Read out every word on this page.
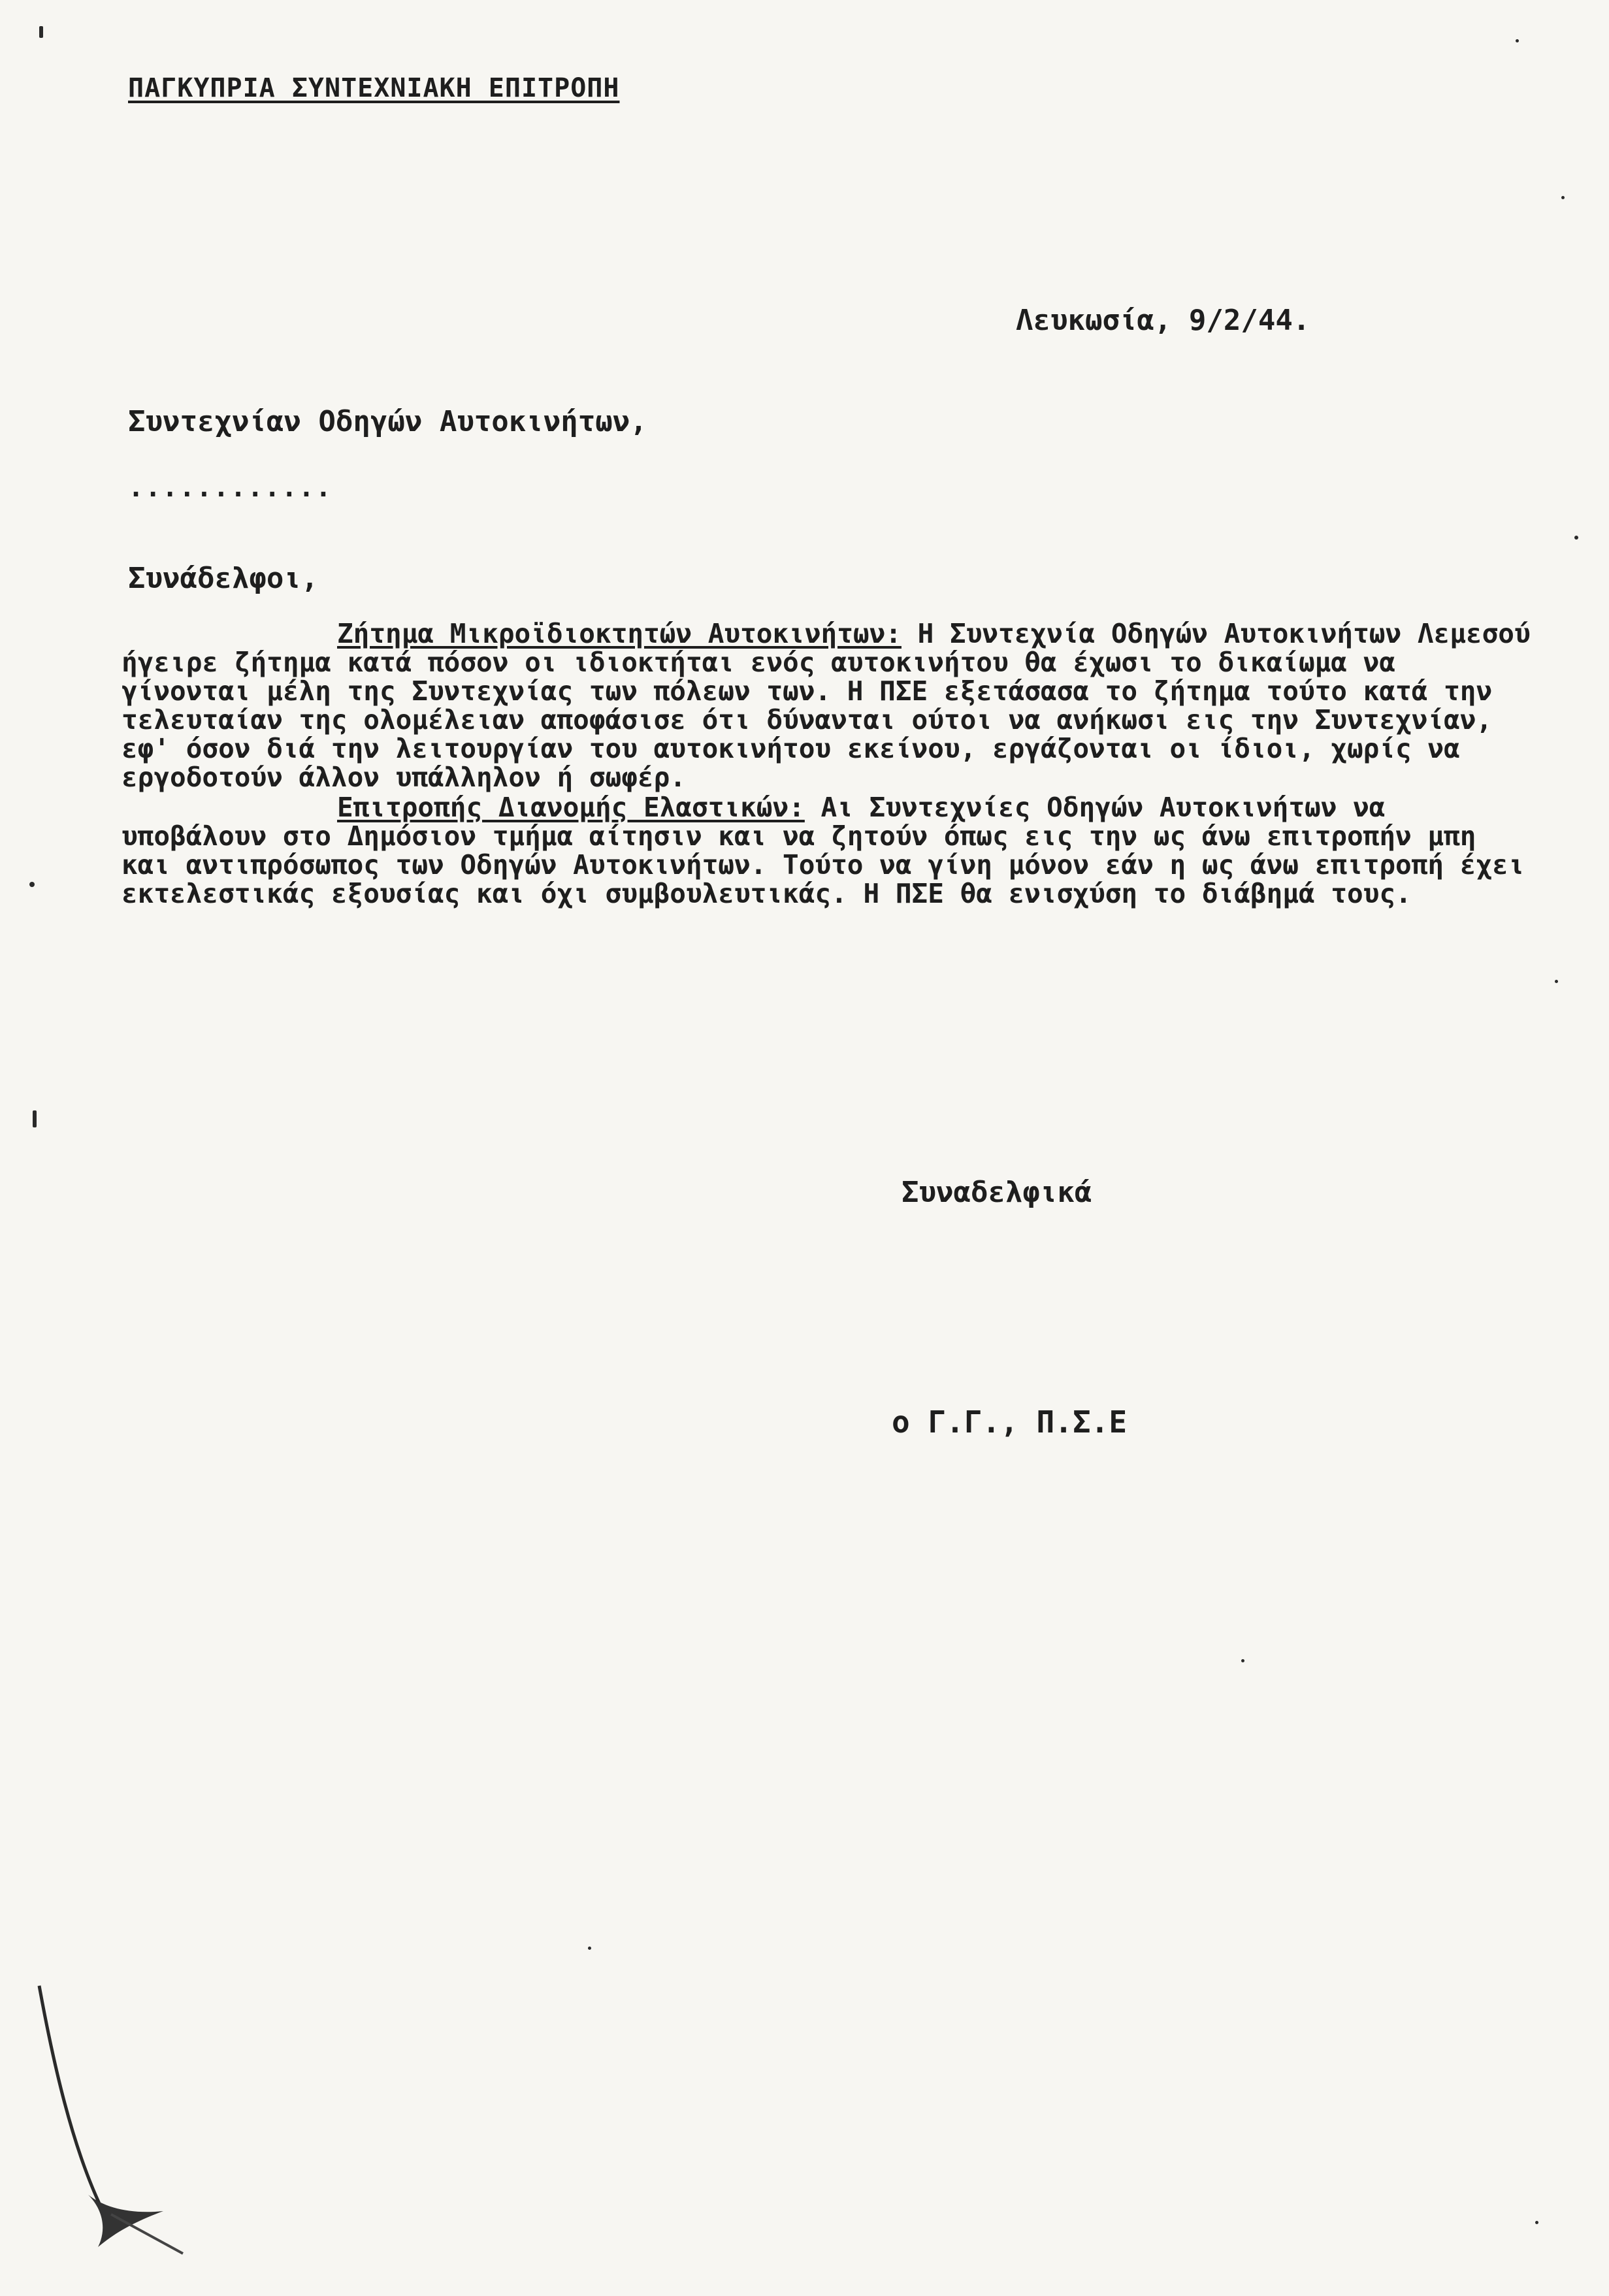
ΠΑΓΚΥΠΡΙΑ ΣΥΝΤΕΧΝΙΑΚΗ ΕΠΙΤΡΟΠΗ
Λευκωσία, 9/2/44.
Συντεχνίαν Οδηγών Αυτοκινήτων,
............
Συνάδελφοι,

Ζήτημα Μικροϊδιοκτητών Αυτοκινήτων: Η Συντεχνία Οδηγών Αυτοκινήτων Λεμεσού ήγειρε ζήτημα κατά πόσον οι ιδιοκτήται ενός αυτοκινήτου θα έχωσι το δικαίωμα να γίνονται μέλη της Συντεχνίας των πόλεων των. Η ΠΣΕ εξετάσασα το ζήτημα τούτο κατά την τελευταίαν της ολομέλειαν αποφάσισε ότι δύνανται ούτοι να ανήκωσι εις την Συντεχνίαν, εφ' όσον διά την λειτουργίαν του αυτοκινήτου εκείνου, εργάζονται οι ίδιοι, χωρίς να εργοδοτούν άλλον υπάλληλον ή σωφέρ.

Επιτροπής Διανομής Ελαστικών: Αι Συντεχνίες Οδηγών Αυτοκινήτων να υποβάλουν στο Δημόσιον τμήμα αίτησιν και να ζητούν όπως εις την ως άνω επιτροπήν μπη και αντιπρόσωπος των Οδηγών Αυτοκινήτων. Τούτο να γίνη μόνον εάν η ως άνω επιτροπή έχει εκτελεστικάς εξουσίας και όχι συμβουλευτικάς. Η ΠΣΕ θα ενισχύση το διάβημά τους.

Συναδελφικά
ο Γ.Γ., Π.Σ.Ε
